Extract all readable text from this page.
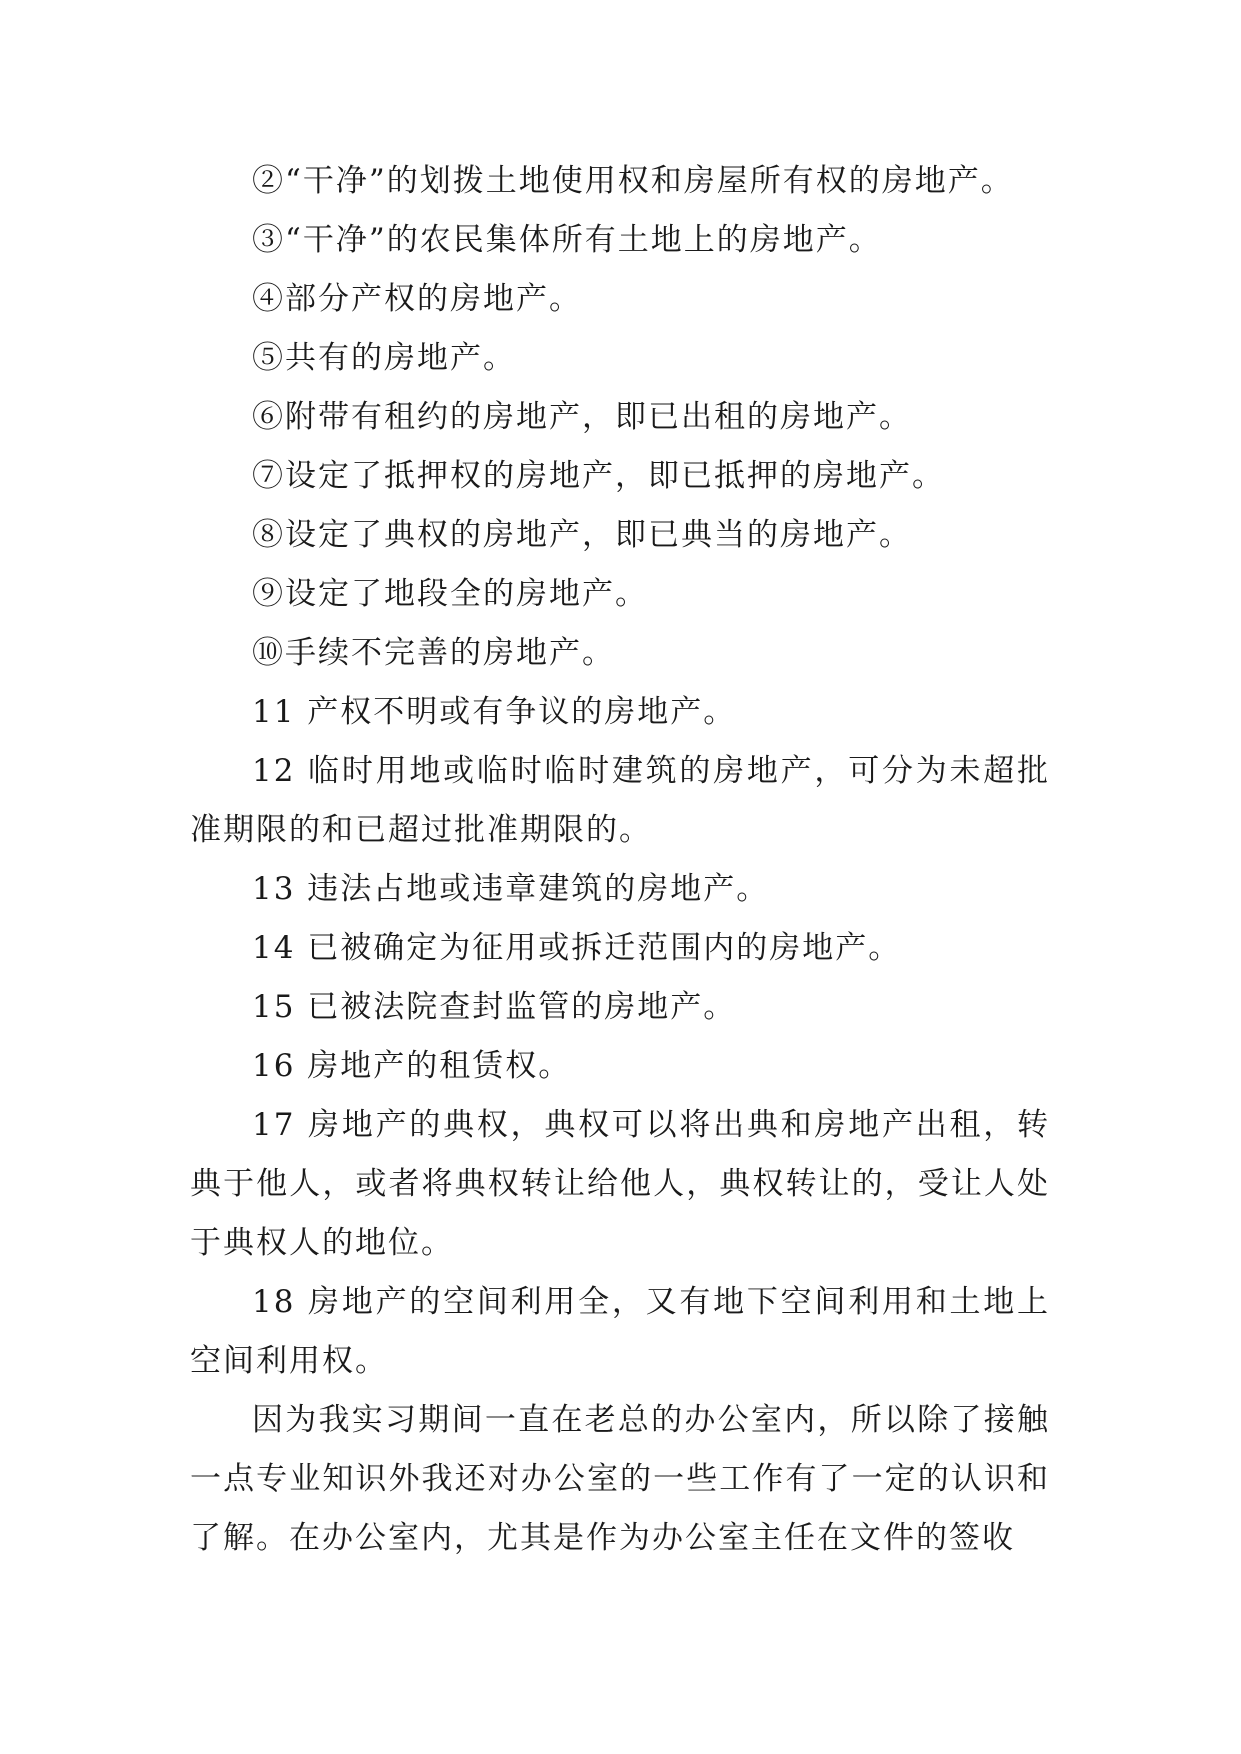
②“干净”的划拨土地使用权和房屋所有权的房地产。

③“干净”的农民集体所有土地上的房地产。

④部分产权的房地产。

⑤共有的房地产。

⑥附带有租约的房地产，即已出租的房地产。

⑦设定了抵押权的房地产，即已抵押的房地产。

⑧设定了典权的房地产，即已典当的房地产。

⑨设定了地段全的房地产。

⑩手续不完善的房地产。

11 产权不明或有争议的房地产。

12 临时用地或临时临时建筑的房地产，可分为未超批准期限的和已超过批准期限的。

13 违法占地或违章建筑的房地产。

14 已被确定为征用或拆迁范围内的房地产。

15 已被法院查封监管的房地产。

16 房地产的租赁权。

17 房地产的典权，典权可以将出典和房地产出租，转典于他人，或者将典权转让给他人，典权转让的，受让人处于典权人的地位。

18 房地产的空间利用全，又有地下空间利用和土地上空间利用权。

因为我实习期间一直在老总的办公室内，所以除了接触一点专业知识外我还对办公室的一些工作有了一定的认识和了解。在办公室内，尤其是作为办公室主任在文件的签收
